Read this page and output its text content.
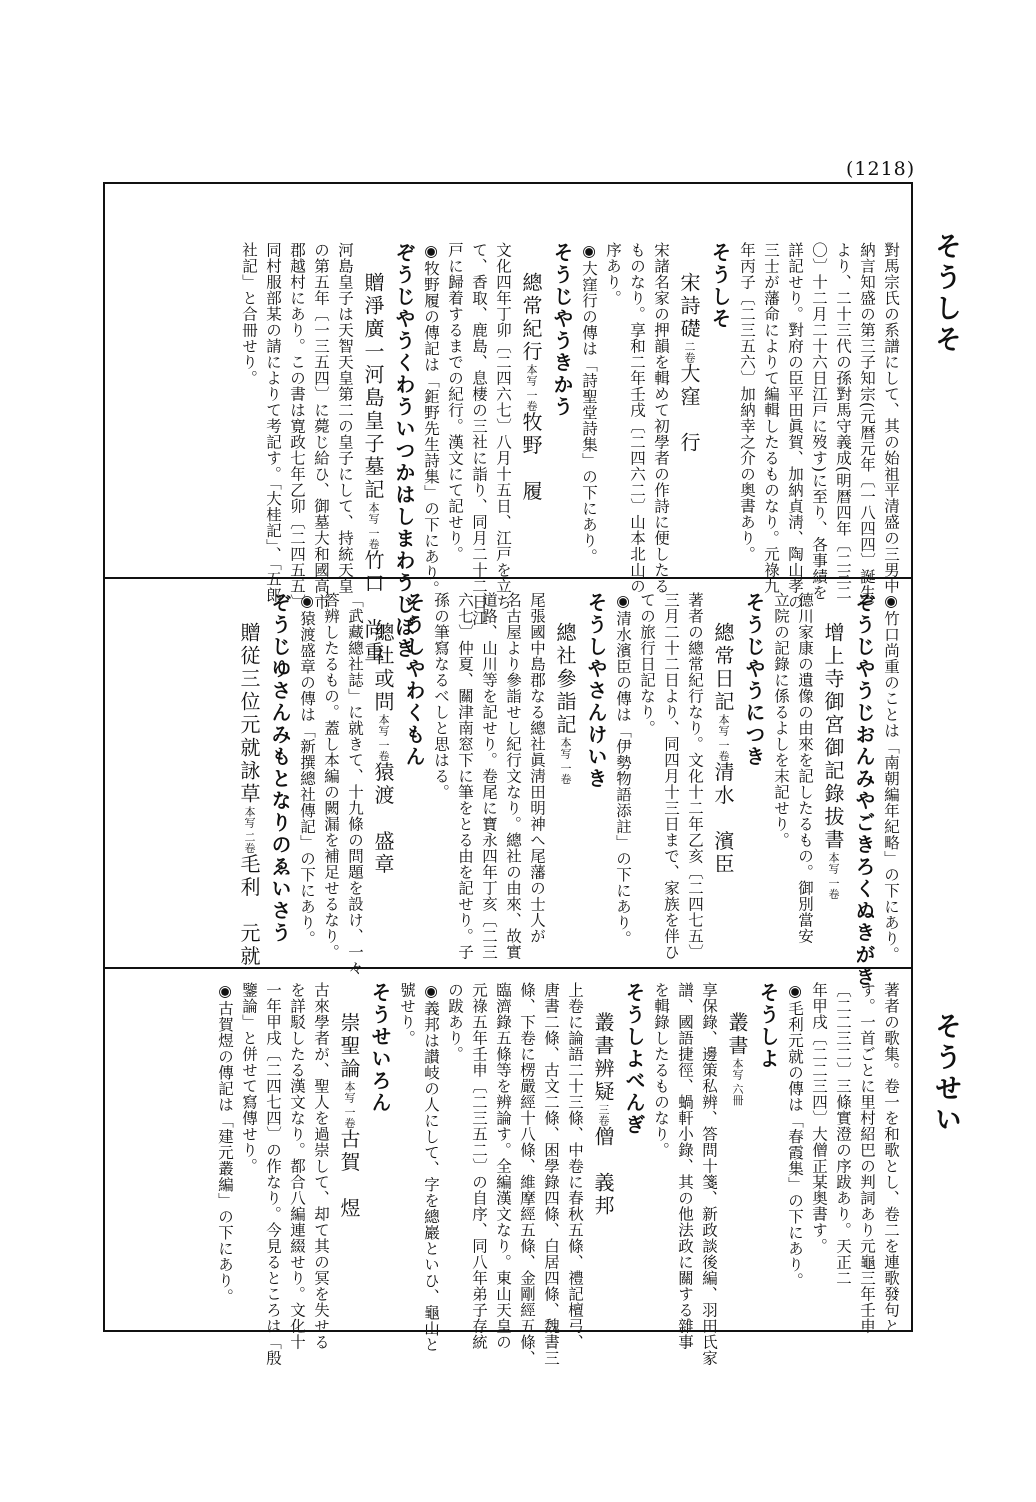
(1218)
そうしそ
そうせい
對馬宗氏の系譜にして、其の始祖平清盛の三男中
納言知盛の第三子知宗(元暦元年〔一八四四〕誕生)
より、二十三代の孫對馬守義成(明暦四年〔二三二
〇〕十二月二十六日江戸に歿す)に至り、各事績を
詳記せり。對府の臣平田眞賀、加納貞淸、陶山孝の
三士が藩命によりて編輯したるものなり。元祿九
年丙子〔二三五六〕加納幸之介の奥書あり。
そうしそ
宋詩礎二卷大窪　行
宋諸名家の押韻を輯めて初學者の作詩に便したる
ものなり。享和二年壬戌〔二四六二〕山本北山の
序あり。
◉大窪行の傳は「詩聖堂詩集」の下にあり。
そうじやうきかう
總常紀行本写 一卷牧野　履
文化四年丁卯〔二四六七〕八月十五日、江戸を立ち
て、香取、鹿島、息棲の三社に詣り、同月二十二日江
戸に歸着するまでの紀行。漢文にて記せり。
◉牧野履の傳記は「鉅野先生詩集」の下にあり。
ぞうじやうくわういつかはしまわうじぼき
贈淨廣一河島皇子墓記本写 一卷竹口　尚重
河島皇子は天智天皇第二の皇子にして、持統天皇
の第五年〔一三五四〕に薨じ給ひ、御墓大和國高市
郡越村にあり。この書は寛政七年乙卯〔二四五五〕
同村服部某の請によりて考記す。「大桂記」、「五郎
社記」と合冊せり。
◉竹口尚重のことは「南朝編年紀略」の下にあり。
ぞうじやうじおんみやごきろくぬきがき
增上寺御宮御記錄拔書本写 一卷
德川家康の遺像の由來を記したるもの。御別當安
立院の記錄に係るよしを末記せり。
そうじやうにつき
總常日記本写 一卷清水　濱臣
著者の總常紀行なり。文化十二年乙亥〔二四七五〕
三月二十二日より、同四月十三日まで、家族を伴ひ
ての旅行日記なり。
◉清水濱臣の傳は「伊勢物語添註」の下にあり。
そうしやさんけいき
總社參詣記本写 一卷
尾張國中島郡なる總社眞淸田明神へ尾藩の士人が
名古屋より參詣せし紀行文なり。總社の由來、故實
道路、山川等を記せり。卷尾に寶永四年丁亥〔二三
六七〕仲夏、關津南窓下に筆をとる由を記せり。子
孫の筆寫なるべしと思はる。
そうしやわくもん
總社或問本写 一卷猿渡　盛章
「武藏總社誌」に就きて、十九條の問題を設け、一々
答辨したるもの。蓋し本編の闕漏を補足せるなり。
◉猿渡盛章の傳は「新撰總社傳記」の下にあり。
ぞうじゆさんみもとなりのゑいさう
贈従三位元就詠草本写 二卷毛利　元就
著者の歌集。卷一を和歌とし、卷二を連歌發句と
す。一首ごとに里村紹巴の判詞あり元龜三年壬申
〔二二三二〕三條實澄の序跋あり。天正二
年甲戌〔二二三四〕大僧正某奥書す。
◉毛利元就の傳は「春霞集」の下にあり。
そうしよ
叢書本写 六冊
享保錄、邊策私辨、答問十箋、新政談後編、羽田氏家
譜、國語捷徑、蝸軒小錄、其の他法政に關する雜事
を輯錄したるものなり。
そうしよべんぎ
叢書辨疑三卷僧　義邦
上卷に論語二十三條、中卷に春秋五條、禮記檀弓、
唐書二條、古文二條、困學錄四條、白居四條、魏書三
條、下卷に楞嚴經十八條、維摩經五條、金剛經五條、
臨濟錄五條等を辨論す。全編漢文なり。東山天皇の
元祿五年壬申〔二三五二〕の自序、同八年弟子存統
の跋あり。
◉義邦は讃岐の人にして、字を總巖といひ、龜山と
號せり。
そうせいろん
崇聖論本写 一卷古賀　煜
古來學者が、聖人を過崇して、却て其の冥を失せる
を詳駁したる漢文なり。都合八編連綴せり。文化十
一年甲戌〔二四七四〕の作なり。今見るところは「殷
鑒論」と併せて寫傳せり。
◉古賀煜の傳記は「建元叢編」の下にあり。
